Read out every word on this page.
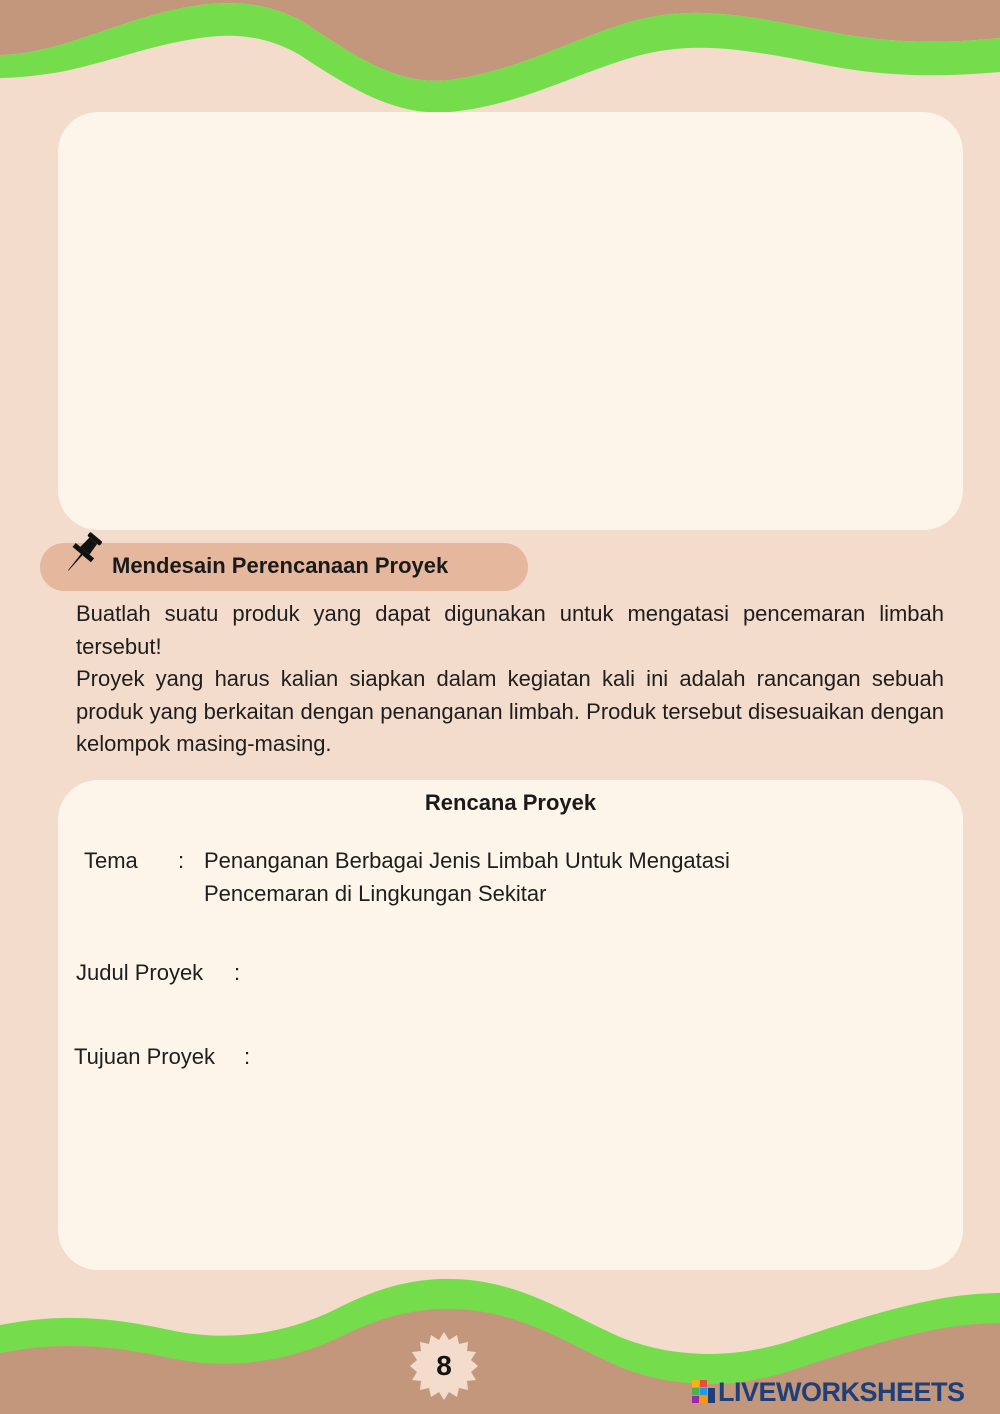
Mendesain Perencanaan Proyek

Buatlah suatu produk yang dapat digunakan untuk mengatasi pencemaran limbah tersebut!

Proyek yang harus kalian siapkan dalam kegiatan kali ini adalah rancangan sebuah produk yang berkaitan dengan penanganan limbah. Produk tersebut disesuaikan dengan kelompok masing-masing.

Rencana Proyek
Tema : Penanganan Berbagai Jenis Limbah Untuk Mengatasi Pencemaran di Lingkungan Sekitar
Judul Proyek :
Tujuan Proyek :
8
LIVEWORKSHEETS
